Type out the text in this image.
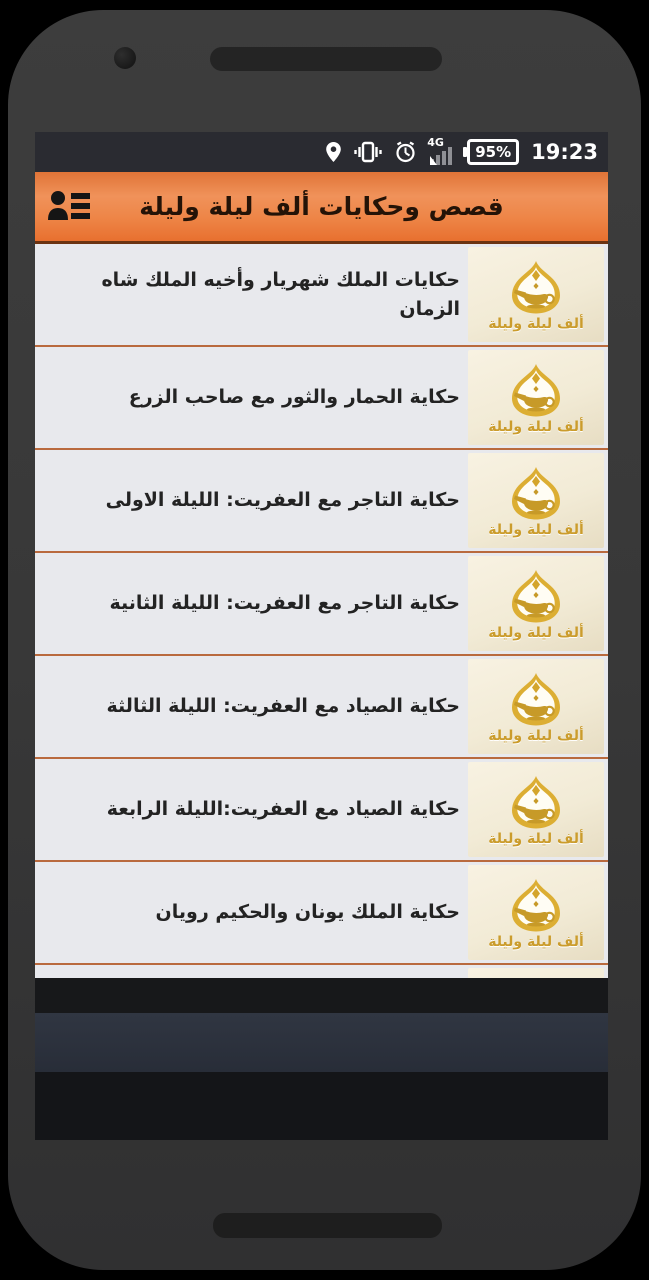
4G
95% 19:23
قصص وحكايات ألف ليلة وليلة
حكايات الملك شهريار وأخيه الملك شاه الزمان
ألف ليلة وليلة
حكاية الحمار والثور مع صاحب الزرع
ألف ليلة وليلة
حكاية التاجر مع العفريت: الليلة الاولى
ألف ليلة وليلة
حكاية التاجر مع العفريت: الليلة الثانية
ألف ليلة وليلة
حكاية الصياد مع العفريت: الليلة الثالثة
ألف ليلة وليلة
حكاية الصياد مع العفريت:الليلة الرابعة
ألف ليلة وليلة
حكاية الملك يونان والحكيم رويان
ألف ليلة وليلة
